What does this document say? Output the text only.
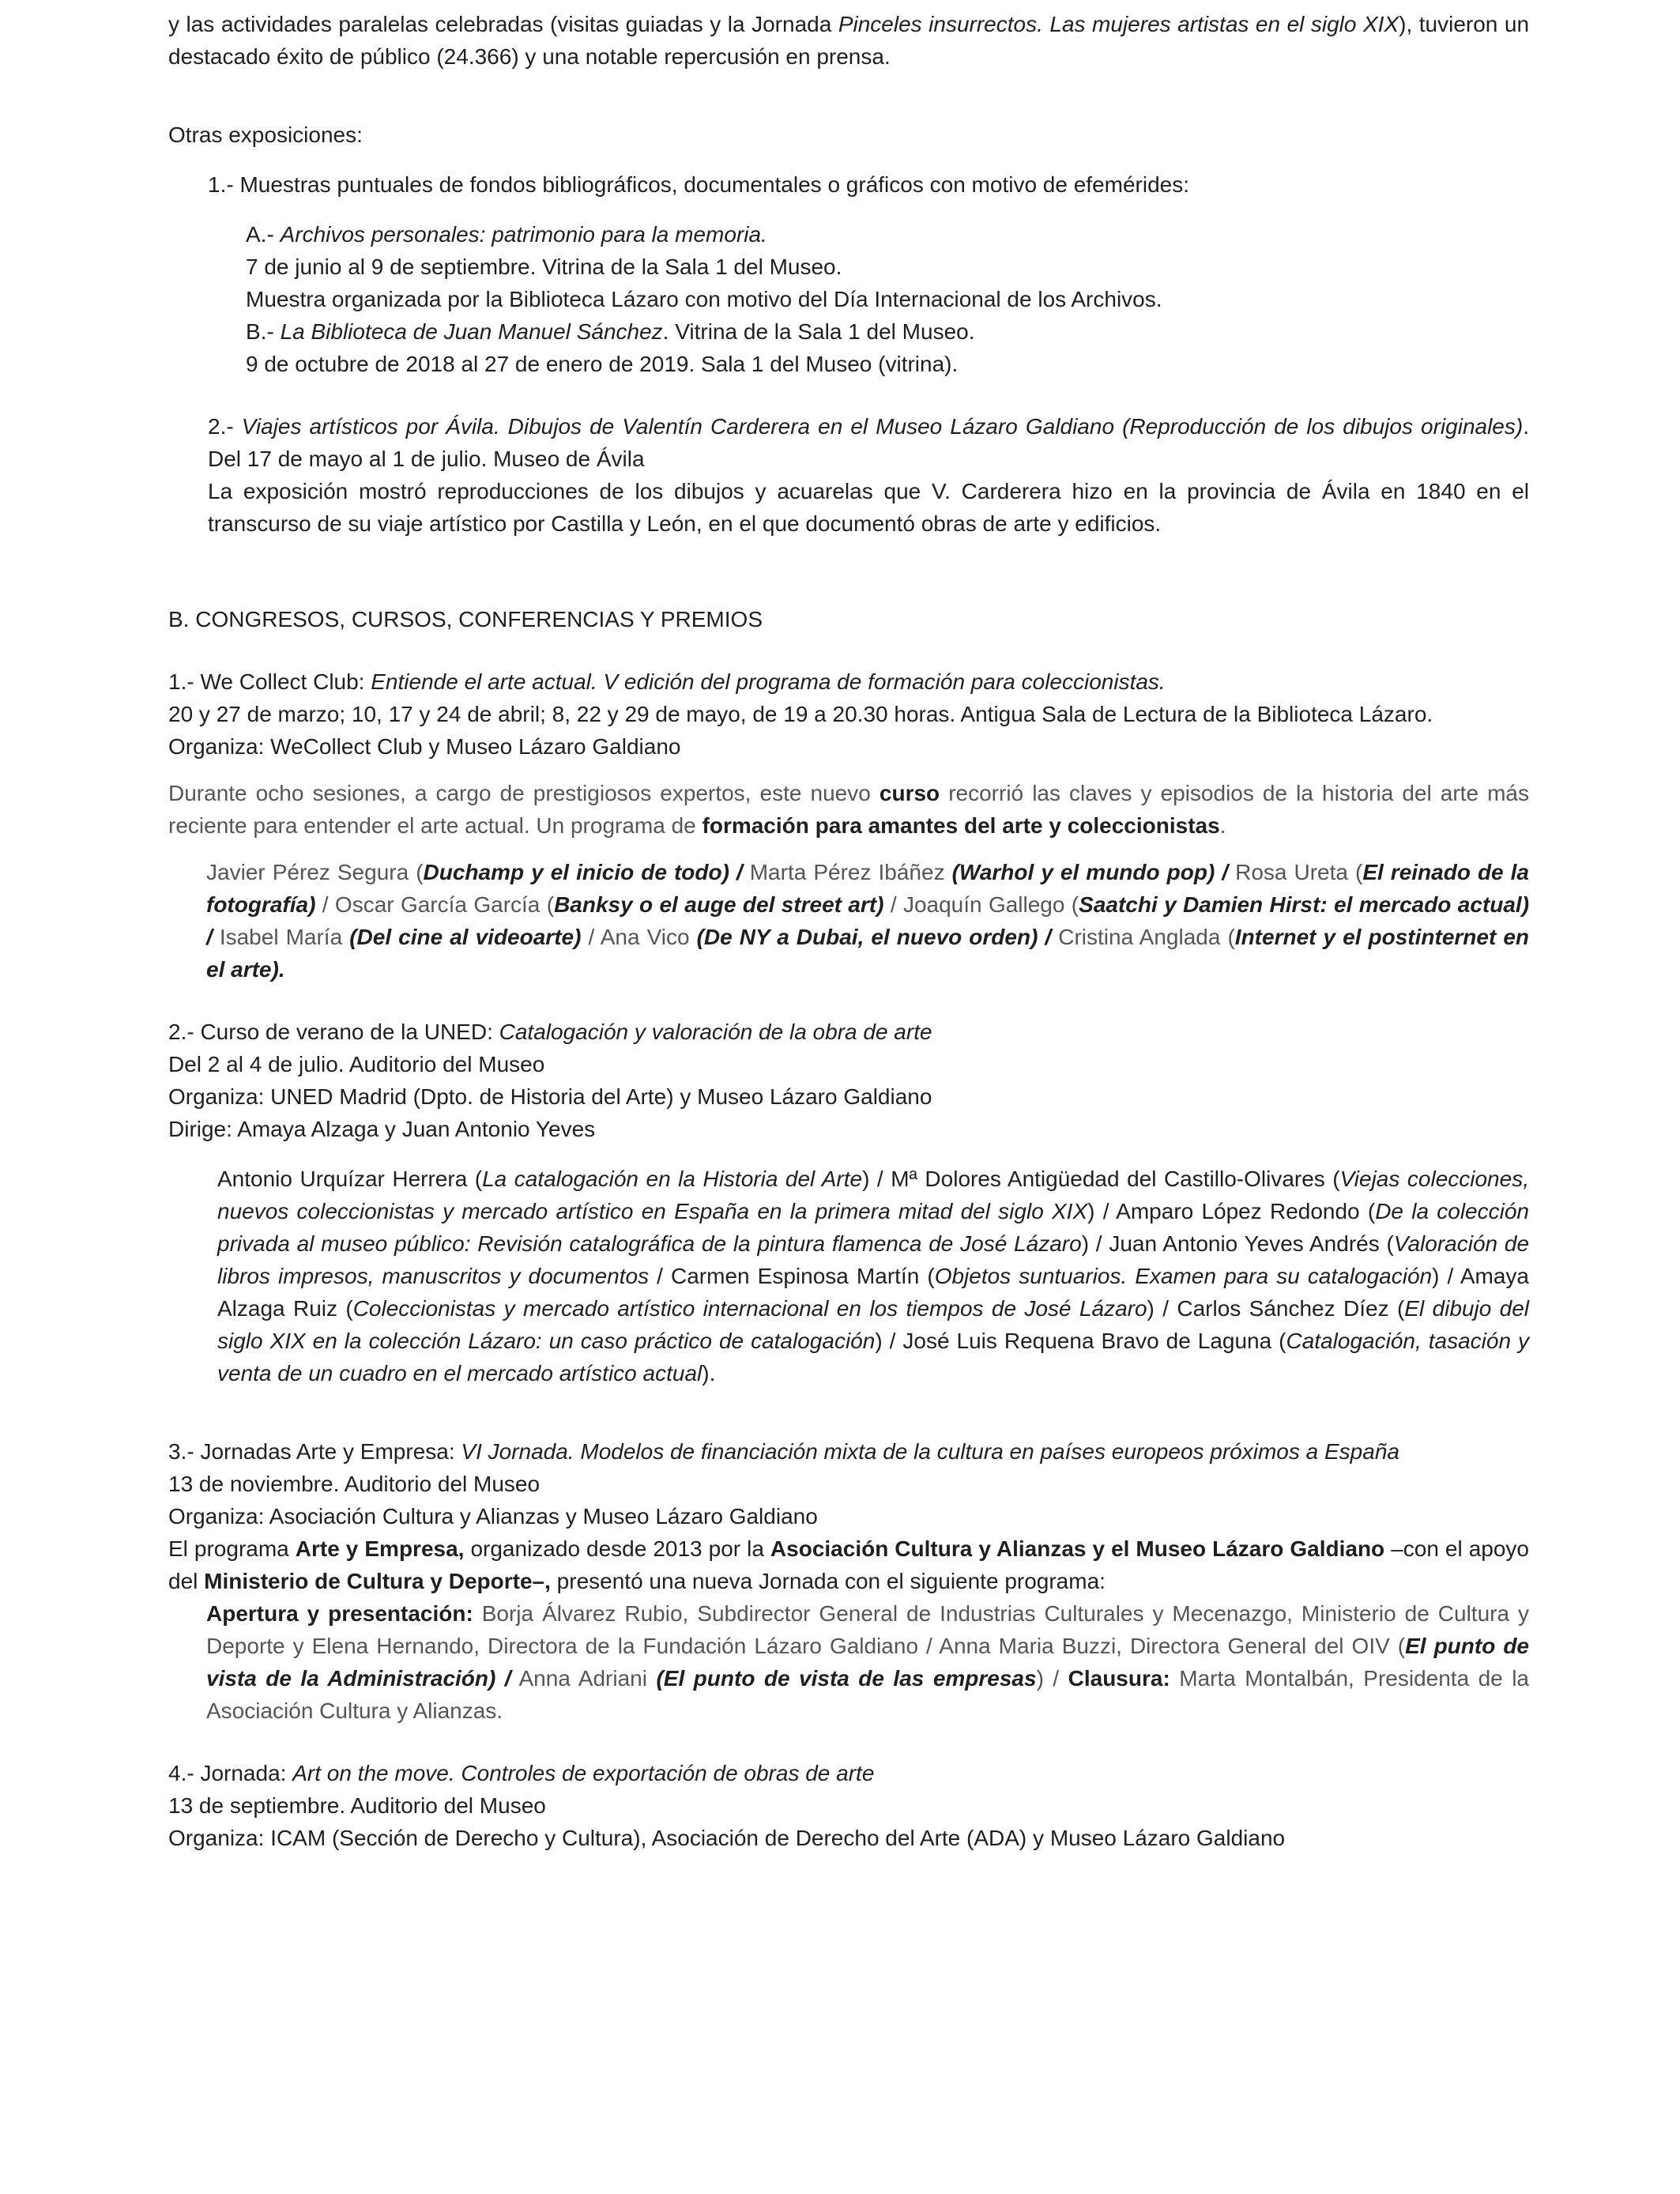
y las actividades paralelas celebradas (visitas guiadas y la Jornada Pinceles insurrectos. Las mujeres artistas en el siglo XIX), tuvieron un destacado éxito de público (24.366) y una notable repercusión en prensa.

Otras exposiciones:

1.- Muestras puntuales de fondos bibliográficos, documentales o gráficos con motivo de efemérides:

A.- Archivos personales: patrimonio para la memoria.

7 de junio al 9 de septiembre. Vitrina de la Sala 1 del Museo.

Muestra organizada por la Biblioteca Lázaro con motivo del Día Internacional de los Archivos.

B.- La Biblioteca de Juan Manuel Sánchez. Vitrina de la Sala 1 del Museo.

9 de octubre de 2018 al 27 de enero de 2019. Sala 1 del Museo (vitrina).

2.- Viajes artísticos por Ávila. Dibujos de Valentín Carderera en el Museo Lázaro Galdiano (Reproducción de los dibujos originales). Del 17 de mayo al 1 de julio. Museo de Ávila

La exposición mostró reproducciones de los dibujos y acuarelas que V. Carderera hizo en la provincia de Ávila en 1840 en el transcurso de su viaje artístico por Castilla y León, en el que documentó obras de arte y edificios.

B. CONGRESOS, CURSOS, CONFERENCIAS Y PREMIOS

1.- We Collect Club: Entiende el arte actual. V edición del programa de formación para coleccionistas.

20 y 27 de marzo; 10, 17 y 24 de abril; 8, 22 y 29 de mayo, de 19 a 20.30 horas. Antigua Sala de Lectura de la Biblioteca Lázaro.

Organiza: WeCollect Club y Museo Lázaro Galdiano

Durante ocho sesiones, a cargo de prestigiosos expertos, este nuevo curso recorrió las claves y episodios de la historia del arte más reciente para entender el arte actual. Un programa de formación para amantes del arte y coleccionistas.

Javier Pérez Segura (Duchamp y el inicio de todo) / Marta Pérez Ibáñez (Warhol y el mundo pop) / Rosa Ureta (El reinado de la fotografía) / Oscar García García (Banksy o el auge del street art) / Joaquín Gallego (Saatchi y Damien Hirst: el mercado actual) / Isabel María (Del cine al videoarte) / Ana Vico (De NY a Dubai, el nuevo orden) / Cristina Anglada (Internet y el postinternet en el arte).

2.- Curso de verano de la UNED: Catalogación y valoración de la obra de arte

Del 2 al 4 de julio. Auditorio del Museo

Organiza: UNED Madrid (Dpto. de Historia del Arte) y Museo Lázaro Galdiano

Dirige: Amaya Alzaga y Juan Antonio Yeves

Antonio Urquízar Herrera (La catalogación en la Historia del Arte) / Mª Dolores Antigüedad del Castillo-Olivares (Viejas colecciones, nuevos coleccionistas y mercado artístico en España en la primera mitad del siglo XIX) / Amparo López Redondo (De la colección privada al museo público: Revisión catalográfica de la pintura flamenca de José Lázaro) / Juan Antonio Yeves Andrés (Valoración de libros impresos, manuscritos y documentos / Carmen Espinosa Martín (Objetos suntuarios. Examen para su catalogación) / Amaya Alzaga Ruiz (Coleccionistas y mercado artístico internacional en los tiempos de José Lázaro) / Carlos Sánchez Díez (El dibujo del siglo XIX en la colección Lázaro: un caso práctico de catalogación) / José Luis Requena Bravo de Laguna (Catalogación, tasación y venta de un cuadro en el mercado artístico actual).

3.- Jornadas Arte y Empresa: VI Jornada. Modelos de financiación mixta de la cultura en países europeos próximos a España

13 de noviembre. Auditorio del Museo

Organiza: Asociación Cultura y Alianzas y Museo Lázaro Galdiano

El programa Arte y Empresa, organizado desde 2013 por la Asociación Cultura y Alianzas y el Museo Lázaro Galdiano –con el apoyo del Ministerio de Cultura y Deporte–, presentó una nueva Jornada con el siguiente programa:

Apertura y presentación: Borja Álvarez Rubio, Subdirector General de Industrias Culturales y Mecenazgo, Ministerio de Cultura y Deporte y Elena Hernando, Directora de la Fundación Lázaro Galdiano / Anna Maria Buzzi, Directora General del OIV (El punto de vista de la Administración) / Anna Adriani (El punto de vista de las empresas) / Clausura: Marta Montalbán, Presidenta de la Asociación Cultura y Alianzas.

4.- Jornada: Art on the move. Controles de exportación de obras de arte

13 de septiembre. Auditorio del Museo

Organiza: ICAM (Sección de Derecho y Cultura), Asociación de Derecho del Arte (ADA) y Museo Lázaro Galdiano
